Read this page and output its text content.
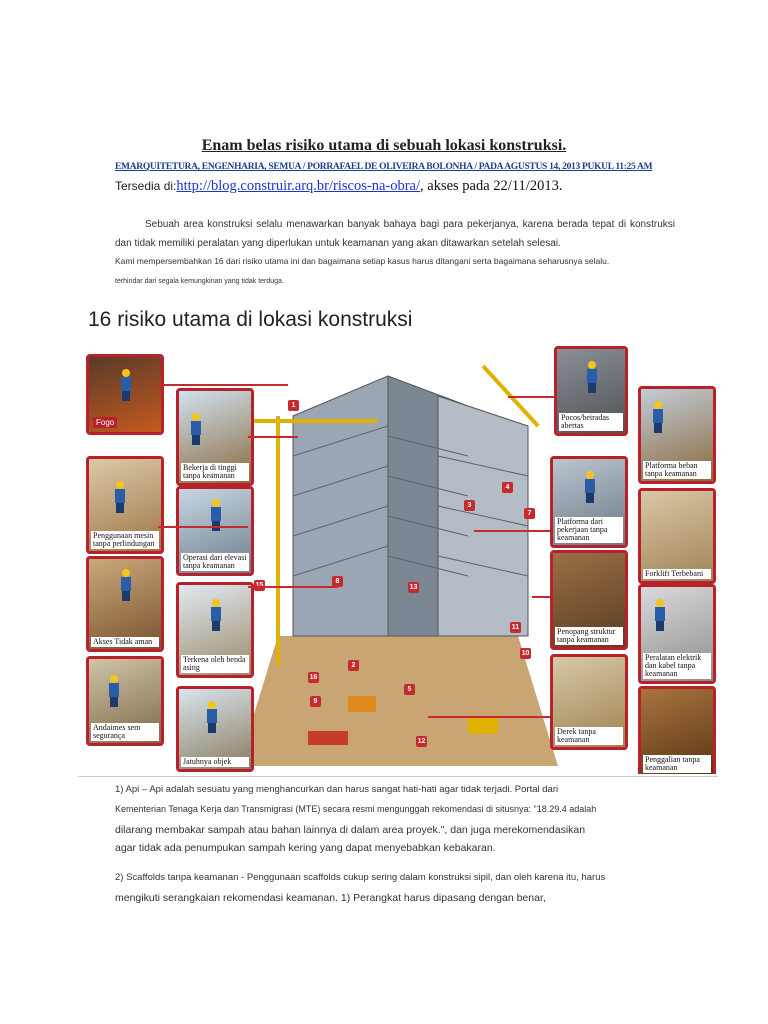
Enam belas risiko utama di sebuah lokasi konstruksi.
EMARQUITETURA, ENGENHARIA, SEMUA / PORRAFAEL DE OLIVEIRA BOLONHA / PADA AGUSTUS 14, 2013 PUKUL 11:25 AM
Tersedia di:http://blog.construir.arq.br/riscos-na-obra/, akses pada 22/11/2013.
Sebuah area konstruksi selalu menawarkan banyak bahaya bagi para pekerjanya, karena berada tepat di konstruksi dan tidak memiliki peralatan yang diperlukan untuk keamanan yang akan ditawarkan setelah selesai.
Kami mempersembahkan 16 dari risiko utama ini dan bagaimana setiap kasus harus ditangani serta bagaimana seharusnya selalu.
terhindar dari segala kemungkinan yang tidak terduga.
16 risiko utama di lokasi konstruksi
Fogo
Bekerja di tinggi tanpa keamanan
Penggunaan mesin tanpa perlindungan
Operasi dari elevasi tanpa keamanan
Akses Tidak aman
Terkena oleh benda asing
Andaimes sem segurança
Jatuhnya objek
Pocos/beiradas abertas
Platforma beban tanpa keamanan
Platforma dari pekerjaan tanpa keamanan
Forklift Terbebani
Penopang struktur tanpa keamanan
Peralatan elektrik dan kabel tanpa keamanan
Derek tanpa keamanan
Penggalian tanpa keamanan
1
2
3
4
5
7
8
9
10
11
12
13
16
1) Api – Api adalah sesuatu yang menghancurkan dan harus sangat hati-hati agar tidak terjadi. Portal dari
Kementerian Tenaga Kerja dan Transmigrasi (MTE) secara resmi mengunggah rekomendasi di situsnya: "18.29.4 adalah
dilarang membakar sampah atau bahan lainnya di dalam area proyek.", dan juga merekomendasikan
agar tidak ada penumpukan sampah kering yang dapat menyebabkan kebakaran.
2) Scaffolds tanpa keamanan - Penggunaan scaffolds cukup sering dalam konstruksi sipil, dan oleh karena itu, harus
mengikuti serangkaian rekomendasi keamanan. 1) Perangkat harus dipasang dengan benar,
